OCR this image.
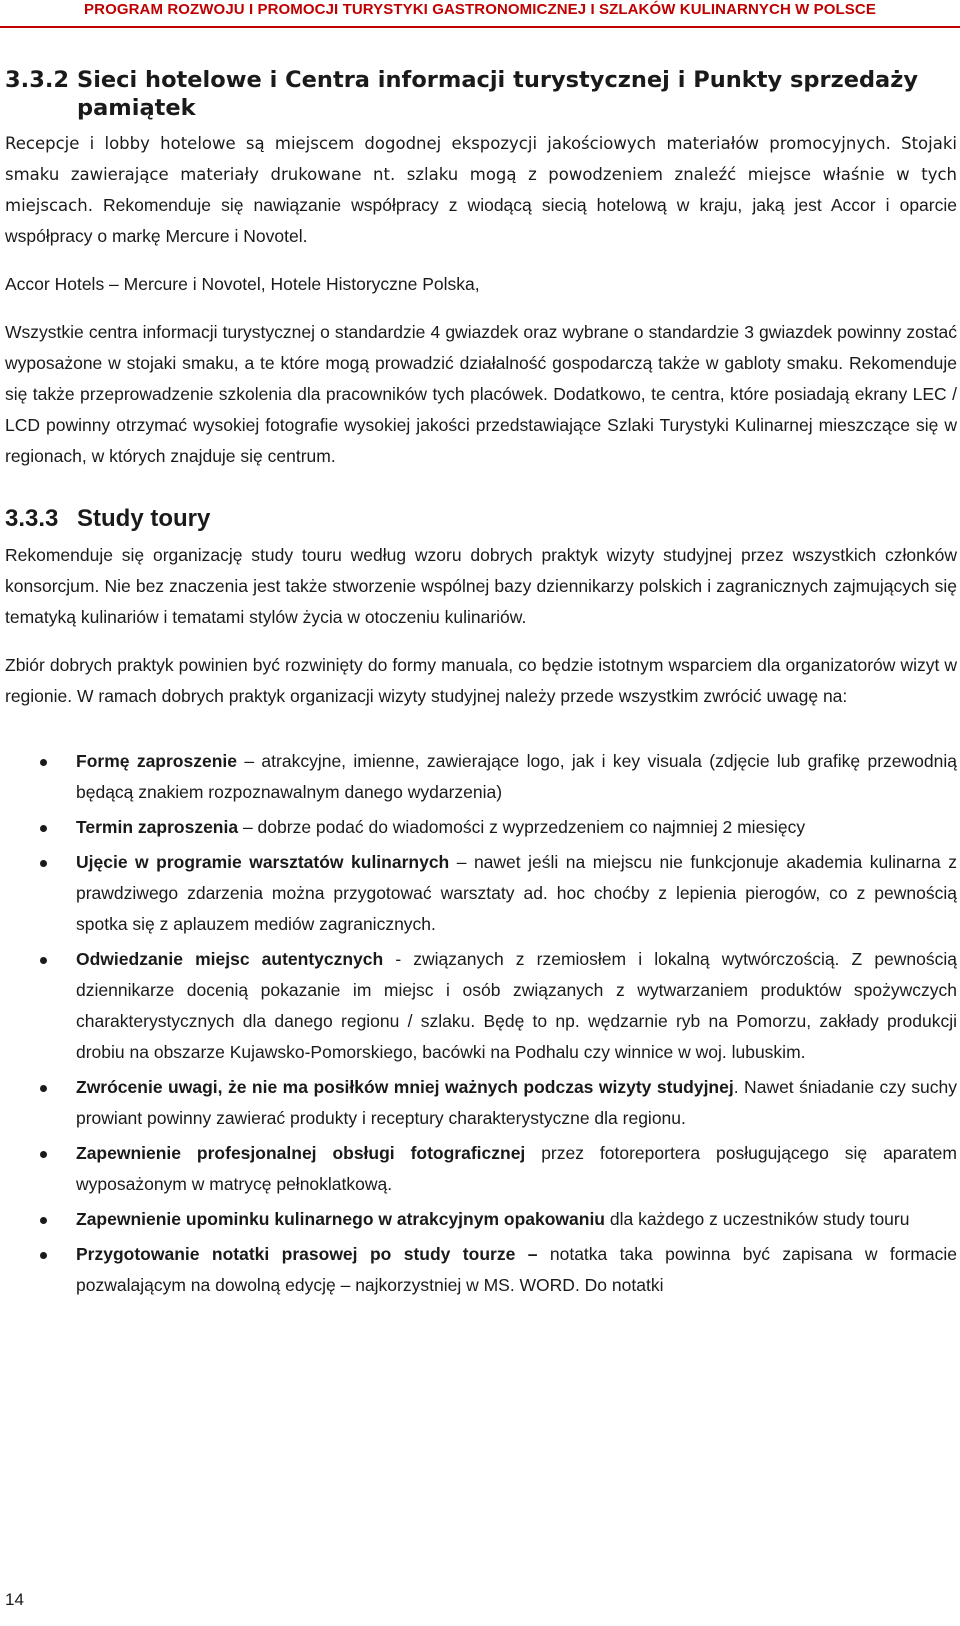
PROGRAM ROZWOJU I PROMOCJI TURYSTYKI GASTRONOMICZNEJ I SZLAKÓW KULINARNYCH W POLSCE
3.3.2 Sieci hotelowe i Centra informacji turystycznej i Punkty sprzedaży
pamiątek

Recepcje i lobby hotelowe są miejscem dogodnej ekspozycji jakościowych materiałów promocyjnych. Stojaki smaku zawierające materiały drukowane nt. szlaku mogą z powodzeniem znaleźć miejsce właśnie w tych miejscach. Rekomenduje się nawiązanie współpracy z wiodącą siecią hotelową w kraju, jaką jest Accor i oparcie współpracy o markę Mercure i Novotel.

Accor Hotels – Mercure i Novotel, Hotele Historyczne Polska,

Wszystkie centra informacji turystycznej o standardzie 4 gwiazdek oraz wybrane o standardzie 3 gwiazdek powinny zostać wyposażone w stojaki smaku, a te które mogą prowadzić działalność gospodarczą także w gabloty smaku. Rekomenduje się także przeprowadzenie szkolenia dla pracowników tych placówek. Dodatkowo, te centra, które posiadają ekrany LEC / LCD powinny otrzymać wysokiej fotografie wysokiej jakości przedstawiające Szlaki Turystyki Kulinarnej mieszczące się w regionach, w których znajduje się centrum.

3.3.3 Study toury

Rekomenduje się organizację study touru według wzoru dobrych praktyk wizyty studyjnej przez wszystkich członków konsorcjum. Nie bez znaczenia jest także stworzenie wspólnej bazy dziennikarzy polskich i zagranicznych zajmujących się tematyką kulinariów i tematami stylów życia w otoczeniu kulinariów.

Zbiór dobrych praktyk powinien być rozwinięty do formy manuala, co będzie istotnym wsparciem dla organizatorów wizyt w regionie. W ramach dobrych praktyk organizacji wizyty studyjnej należy przede wszystkim zwrócić uwagę na:

Formę zaproszenie – atrakcyjne, imienne, zawierające logo, jak i key visuala (zdjęcie lub grafikę przewodnią będącą znakiem rozpoznawalnym danego wydarzenia)
Termin zaproszenia – dobrze podać do wiadomości z wyprzedzeniem co najmniej 2 miesięcy
Ujęcie w programie warsztatów kulinarnych – nawet jeśli na miejscu nie funkcjonuje akademia kulinarna z prawdziwego zdarzenia można przygotować warsztaty ad. hoc choćby z lepienia pierogów, co z pewnością spotka się z aplauzem mediów zagranicznych.
Odwiedzanie miejsc autentycznych - związanych z rzemiosłem i lokalną wytwórczością. Z pewnością dziennikarze docenią pokazanie im miejsc i osób związanych z wytwarzaniem produktów spożywczych charakterystycznych dla danego regionu / szlaku. Będę to np. wędzarnie ryb na Pomorzu, zakłady produkcji drobiu na obszarze Kujawsko-Pomorskiego, bacówki na Podhalu czy winnice w woj. lubuskim.
Zwrócenie uwagi, że nie ma posiłków mniej ważnych podczas wizyty studyjnej. Nawet śniadanie czy suchy prowiant powinny zawierać produkty i receptury charakterystyczne dla regionu.
Zapewnienie profesjonalnej obsługi fotograficznej przez fotoreportera posługującego się aparatem wyposażonym w matrycę pełnoklatkową.
Zapewnienie upominku kulinarnego w atrakcyjnym opakowaniu dla każdego z uczestników study touru
Przygotowanie notatki prasowej po study tourze – notatka taka powinna być zapisana w formacie pozwalającym na dowolną edycję – najkorzystniej w MS. WORD. Do notatki
14
